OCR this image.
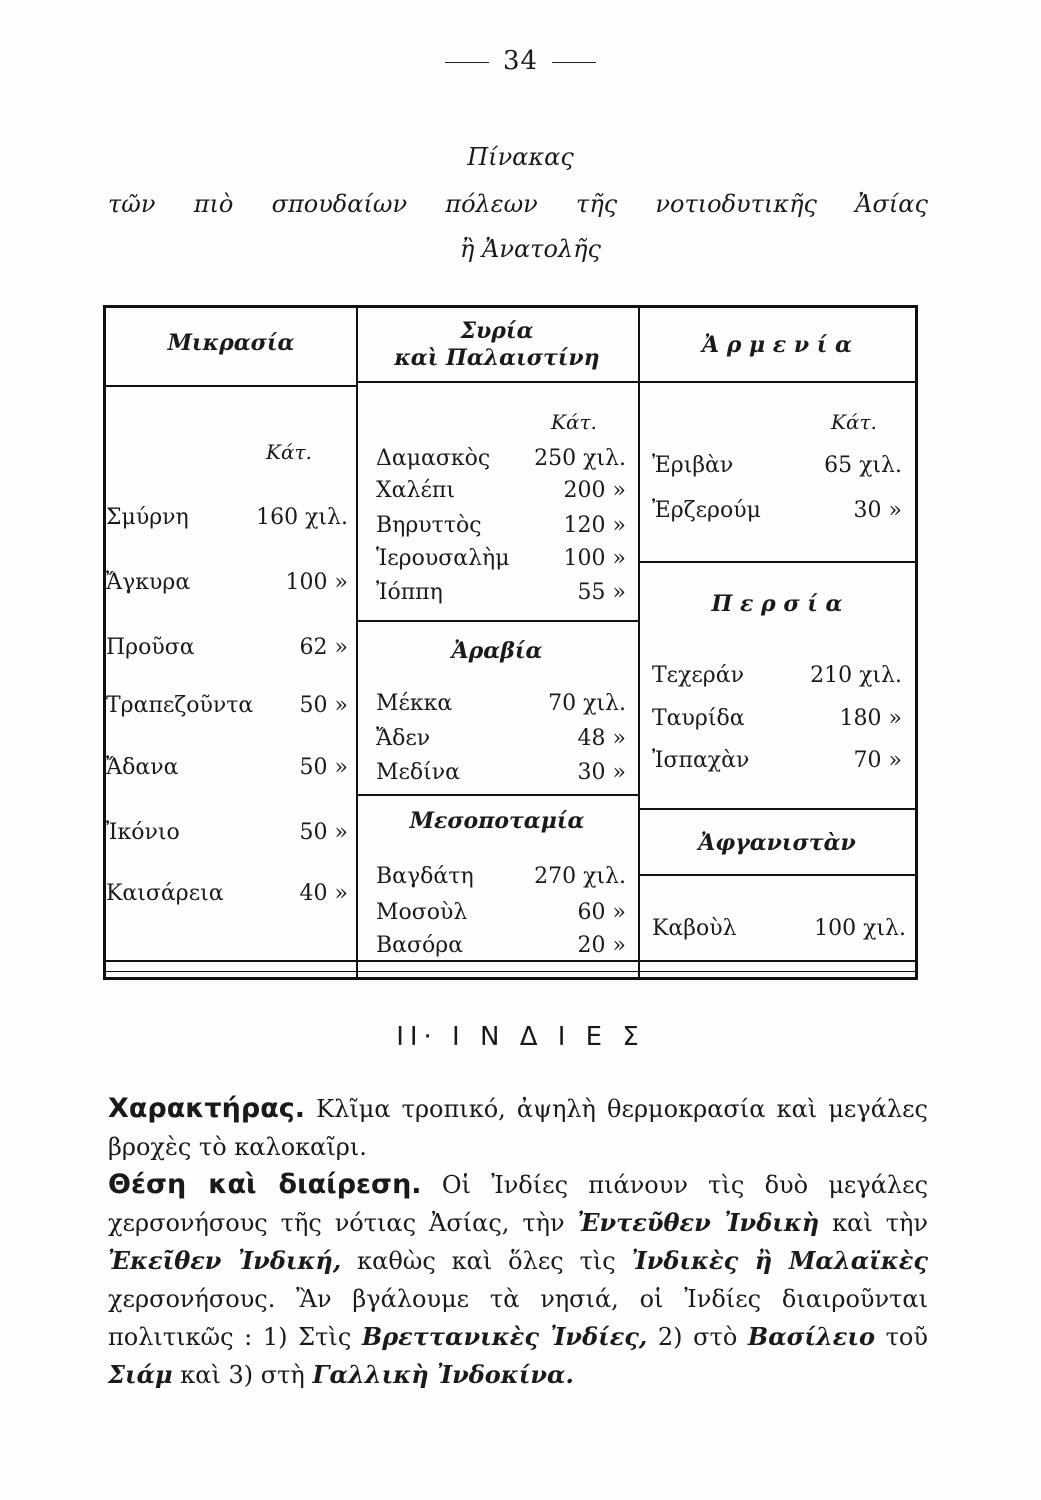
34
Πίνακας
τῶν πιὸ σπουδαίων πόλεων τῆς νοτιοδυτικῆς Ἀσίας
ἢ Ἀνατολῆς
Μικρασία
Κάτ.
Σμύρνη	160 χιλ.
Ἄγκυρα	100 »
Προῦσα	62 »
Τραπεζοῦντα 50 »
Ἄδανα	50 »
Ἰκόνιο	50 »
Καισάρεια	40 »
Συρία
καὶ Παλαιστίνη
Κάτ.
Δαμασκὸς 250 χιλ.
Χαλέπι	200 »
Βηρυττὸς	120 »
Ἱερουσαλὴμ 100 »
Ἰόππη	55 »
Ἀραβία
Μέκκα	70 χιλ.
Ἄδεν	48 »
Μεδίνα	30 »
Μεσοποταμία
Βαγδάτη	270 χιλ.
Μοσοὺλ	60 »
Βασόρα	20 »
Ἀ ρ μ ε ν ί α
Κάτ.
Ἐριβὰν	65 χιλ.
Ἐρζερούμ	30 »
Π ε ρ σ ί α
Τεχεράν	210 χιλ.
Ταυρίδα	180 »
Ἰσπαχὰν	70 »
Ἀφγανιστὰν
Καβοὺλ	100 χιλ.
ΙΙ· Ι Ν Δ Ι Ε Σ
Χαρακτήρας. Κλῖμα τροπικό, ἀψηλὴ θερμοκρασία καὶ μεγάλες βροχὲς τὸ καλοκαῖρι.
Θέση καὶ διαίρεση. Οἱ Ἰνδίες πιάνουν τὶς δυὸ μεγάλες χερσονήσους τῆς νότιας Ἀσίας, τὴν Ἐντεῦθεν Ἰνδικὴ καὶ τὴν Ἐκεῖθεν Ἰνδική, καθὼς καὶ ὅλες τὶς Ἰνδικὲς ἢ Μαλαϊκὲς χερσονήσους. Ἂν βγάλουμε τὰ νησιά, οἱ Ἰνδίες διαιροῦνται πολιτικῶς : 1) Στὶς Βρεττανικὲς Ἰνδίες, 2) στὸ Βασίλειο τοῦ Σιάμ καὶ 3) στὴ Γαλλικὴ Ἰνδοκίνα.
